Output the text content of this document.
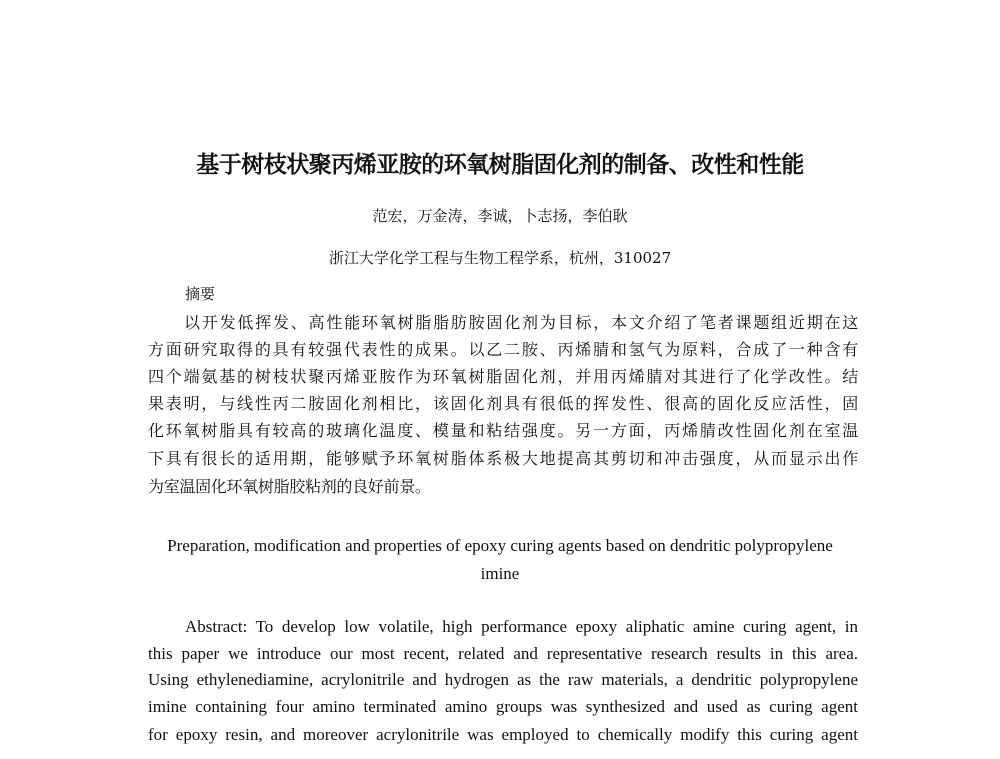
基于树枝状聚丙烯亚胺的环氧树脂固化剂的制备、改性和性能
范宏，万金涛，李诚，卜志扬，李伯耿
浙江大学化学工程与生物工程学系，杭州，310027
摘要
以开发低挥发、高性能环氧树脂脂肪胺固化剂为目标，本文介绍了笔者课题组近期在这
方面研究取得的具有较强代表性的成果。以乙二胺、丙烯腈和氢气为原料，合成了一种含有
四个端氨基的树枝状聚丙烯亚胺作为环氧树脂固化剂，并用丙烯腈对其进行了化学改性。结
果表明，与线性丙二胺固化剂相比，该固化剂具有很低的挥发性、很高的固化反应活性，固
化环氧树脂具有较高的玻璃化温度、模量和粘结强度。另一方面，丙烯腈改性固化剂在室温
下具有很长的适用期，能够赋予环氧树脂体系极大地提高其剪切和冲击强度，从而显示出作
为室温固化环氧树脂胶粘剂的良好前景。
Preparation, modification and properties of epoxy curing agents based on dendritic polypropylene
imine
Abstract: To develop low volatile, high performance epoxy aliphatic amine curing agent, in
this paper we introduce our most recent, related and representative research results in this area.
Using ethylenediamine, acrylonitrile and hydrogen as the raw materials, a dendritic polypropylene
imine containing four amino terminated amino groups was synthesized and used as curing agent
for epoxy resin, and moreover acrylonitrile was employed to chemically modify this curing agent
